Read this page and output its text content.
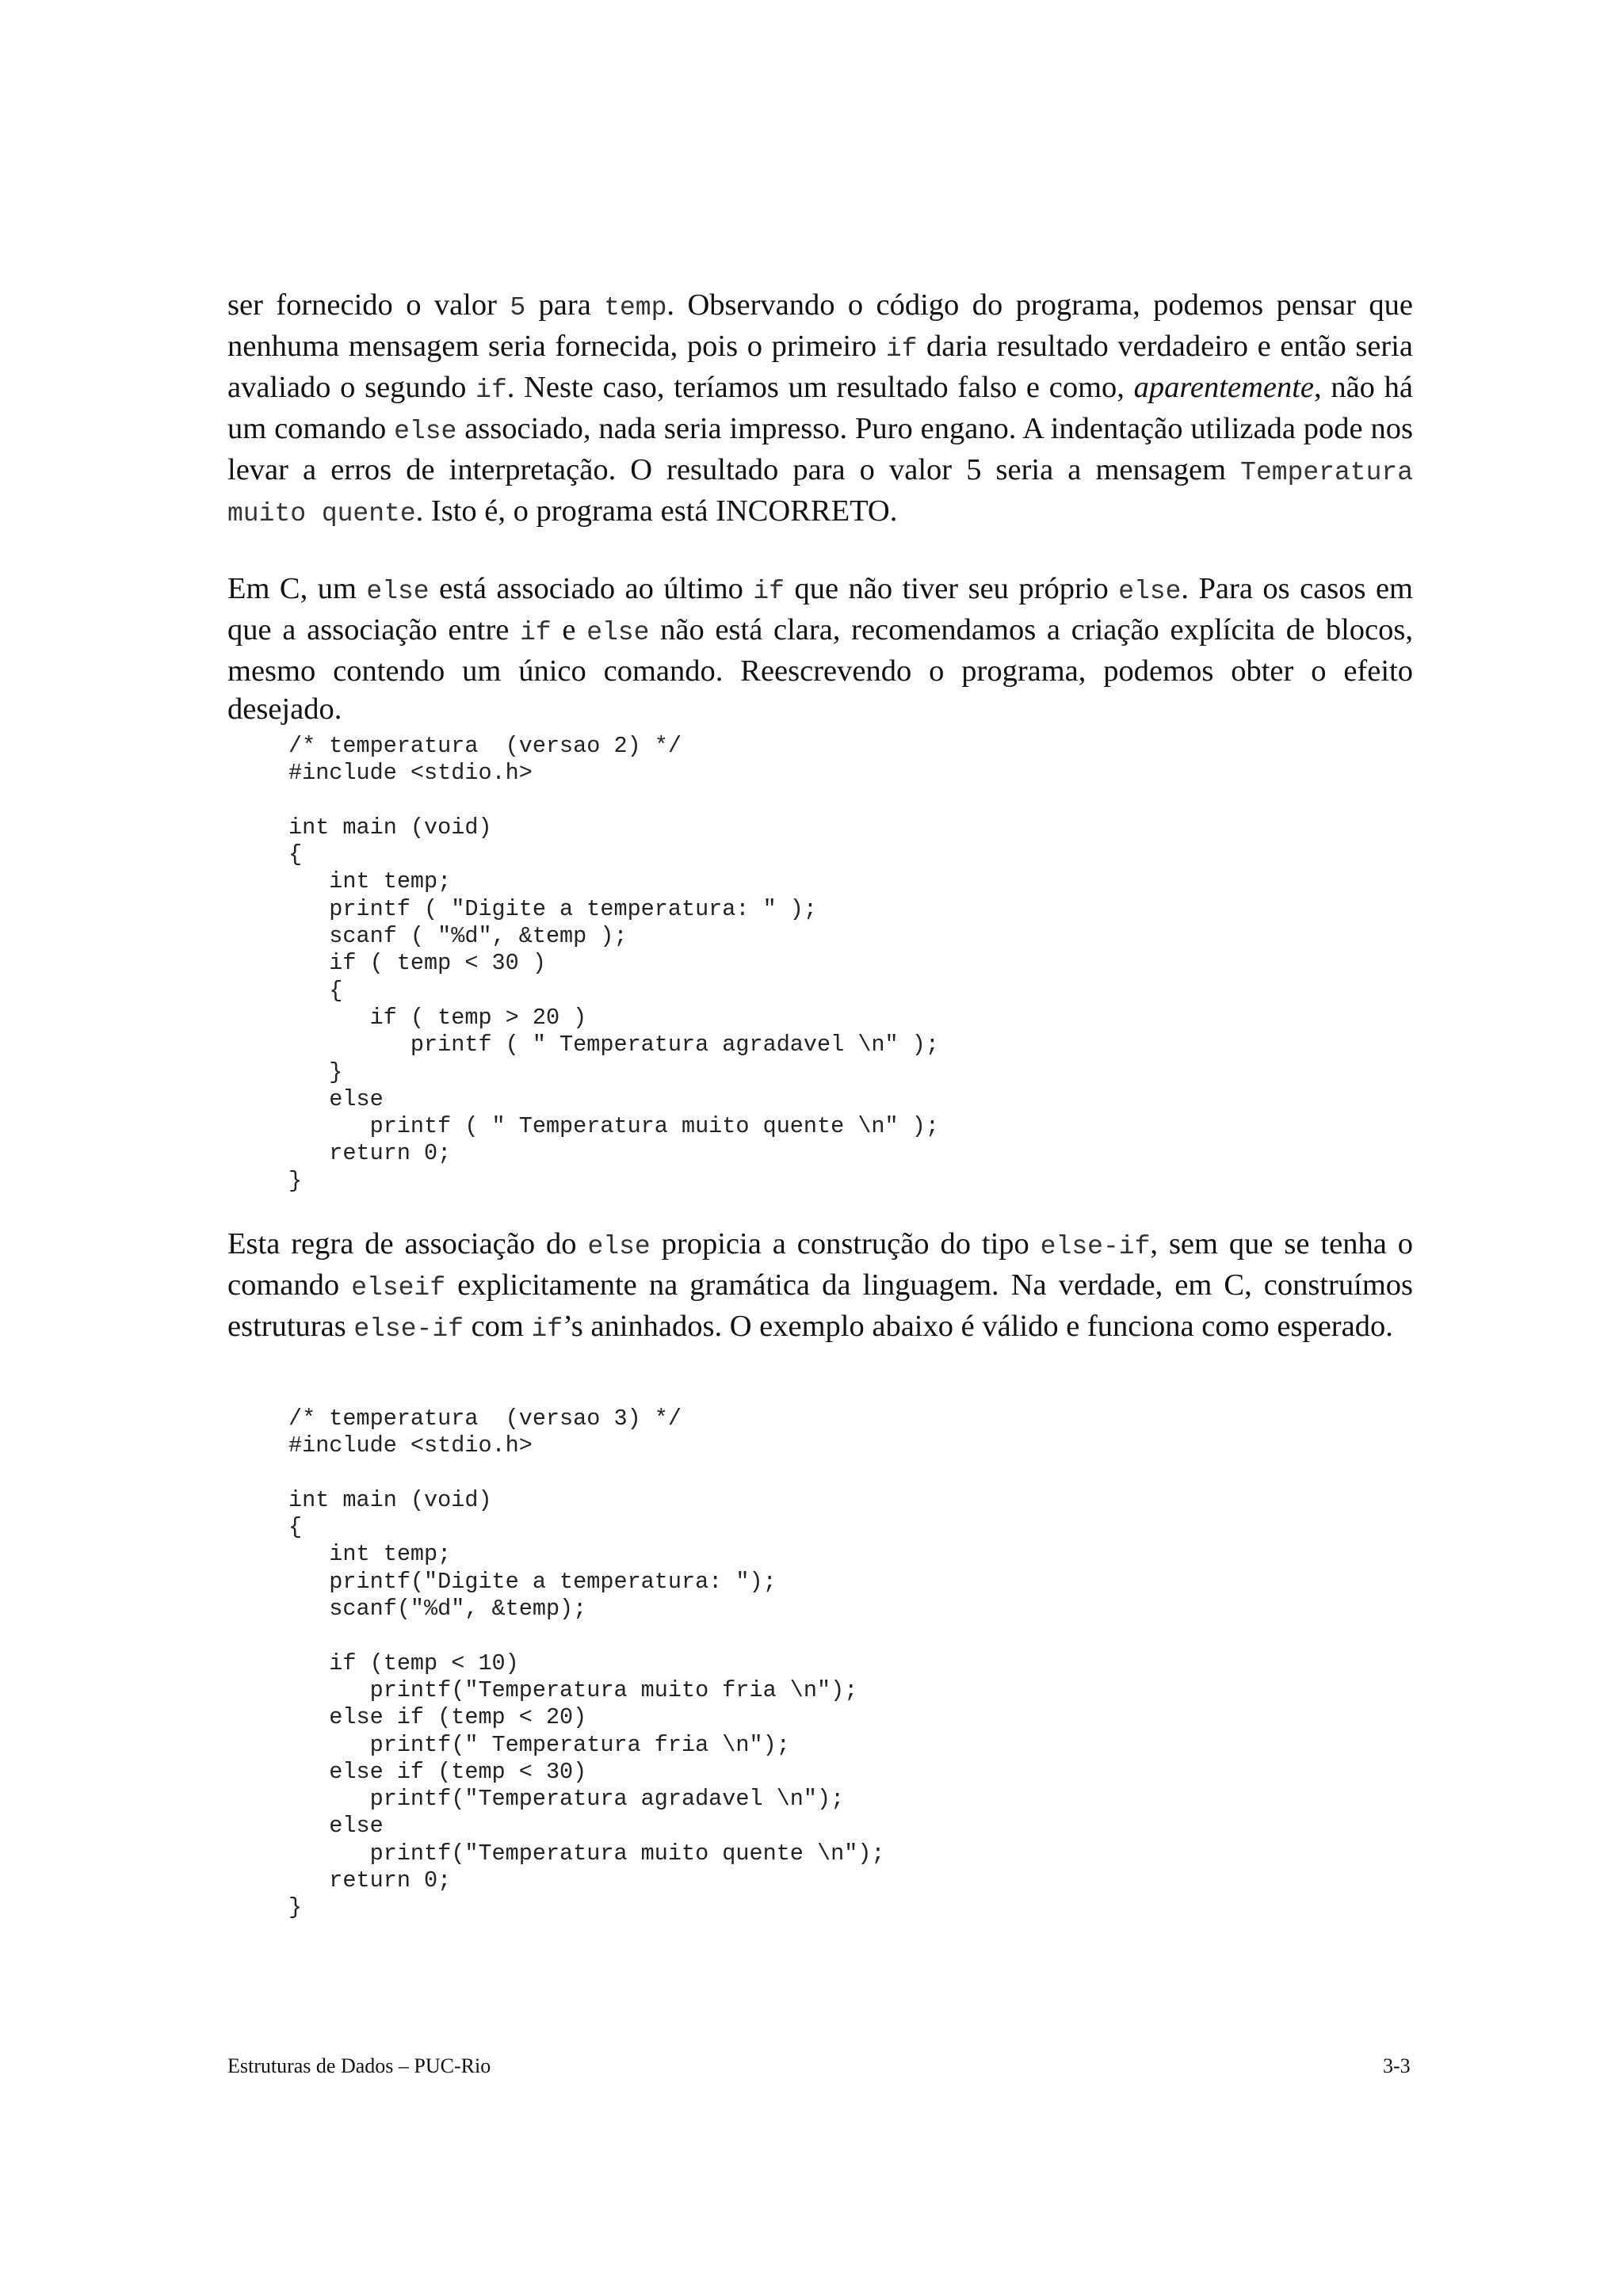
ser fornecido o valor 5 para temp. Observando o código do programa, podemos pensar que nenhuma mensagem seria fornecida, pois o primeiro if daria resultado verdadeiro e então seria avaliado o segundo if. Neste caso, teríamos um resultado falso e como, aparentemente, não há um comando else associado, nada seria impresso. Puro engano. A indentação utilizada pode nos levar a erros de interpretação. O resultado para o valor 5 seria a mensagem Temperatura muito quente. Isto é, o programa está INCORRETO.

Em C, um else está associado ao último if que não tiver seu próprio else. Para os casos em que a associação entre if e else não está clara, recomendamos a criação explícita de blocos, mesmo contendo um único comando. Reescrevendo o programa, podemos obter o efeito desejado.

/* temperatura  (versao 2) */
#include <stdio.h>

int main (void)
{
int temp;
printf ( "Digite a temperatura: " );
scanf ( "%d", &temp );
if ( temp < 30 )
{
if ( temp > 20 )
printf ( " Temperatura agradavel \n" );
}
else
printf ( " Temperatura muito quente \n" );
return 0;
}

Esta regra de associação do else propicia a construção do tipo else-if, sem que se tenha o comando elseif explicitamente na gramática da linguagem. Na verdade, em C, construímos estruturas else-if com if’s aninhados. O exemplo abaixo é válido e funciona como esperado.

/* temperatura  (versao 3) */
#include <stdio.h>

int main (void)
{
int temp;
printf("Digite a temperatura: ");
scanf("%d", &temp);

if (temp < 10)
printf("Temperatura muito fria \n");
else if (temp < 20)
printf(" Temperatura fria \n");
else if (temp < 30)
printf("Temperatura agradavel \n");
else
printf("Temperatura muito quente \n");
return 0;
}
Estruturas de Dados – PUC-Rio	3-3
